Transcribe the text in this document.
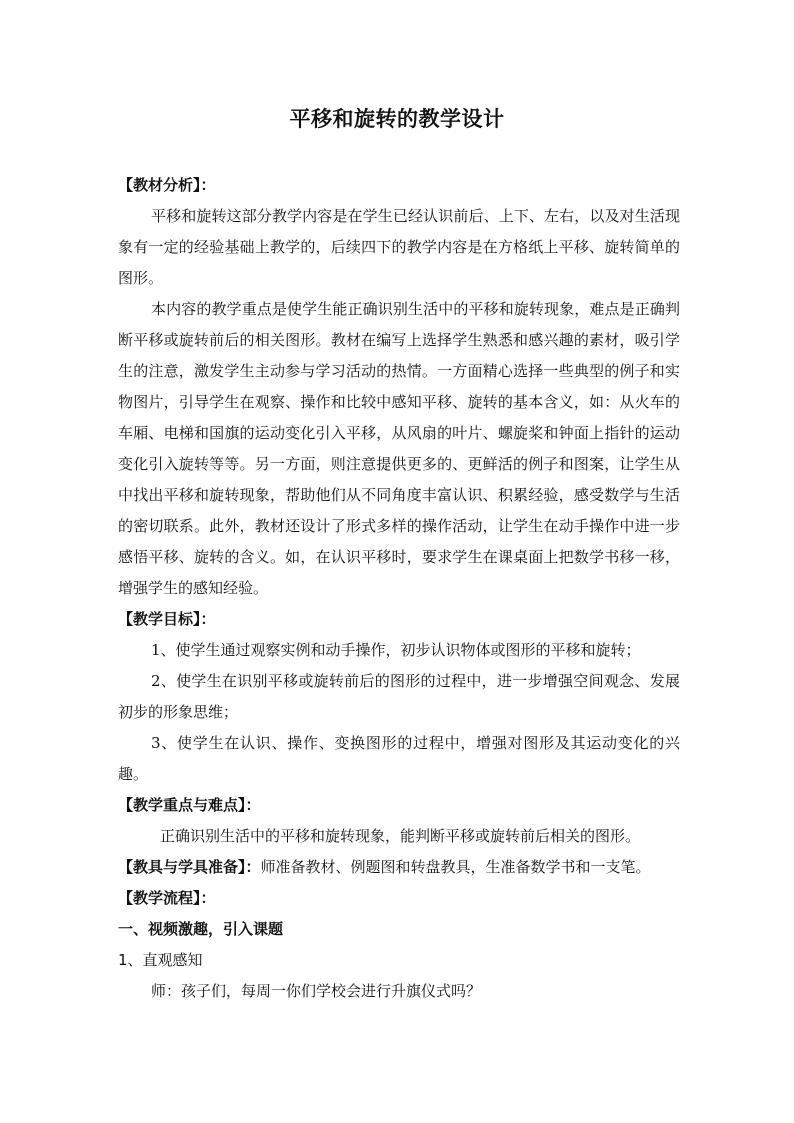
平移和旋转的教学设计

【教材分析】：

平移和旋转这部分教学内容是在学生已经认识前后、上下、左右，以及对生活现象有一定的经验基础上教学的，后续四下的教学内容是在方格纸上平移、旋转简单的图形。

本内容的教学重点是使学生能正确识别生活中的平移和旋转现象，难点是正确判断平移或旋转前后的相关图形。教材在编写上选择学生熟悉和感兴趣的素材，吸引学生的注意，激发学生主动参与学习活动的热情。一方面精心选择一些典型的例子和实物图片，引导学生在观察、操作和比较中感知平移、旋转的基本含义，如：从火车的车厢、电梯和国旗的运动变化引入平移，从风扇的叶片、螺旋桨和钟面上指针的运动变化引入旋转等等。另一方面，则注意提供更多的、更鲜活的例子和图案，让学生从中找出平移和旋转现象，帮助他们从不同角度丰富认识、积累经验，感受数学与生活的密切联系。此外，教材还设计了形式多样的操作活动，让学生在动手操作中进一步感悟平移、旋转的含义。如，在认识平移时，要求学生在课桌面上把数学书移一移，增强学生的感知经验。

【教学目标】：

1、使学生通过观察实例和动手操作，初步认识物体或图形的平移和旋转；

2、使学生在识别平移或旋转前后的图形的过程中，进一步增强空间观念、发展初步的形象思维；

3、使学生在认识、操作、变换图形的过程中，增强对图形及其运动变化的兴趣。

【教学重点与难点】：

正确识别生活中的平移和旋转现象，能判断平移或旋转前后相关的图形。

【教具与学具准备】：师准备教材、例题图和转盘教具，生准备数学书和一支笔。

【教学流程】：

一、视频激趣，引入课题

1、直观感知

师：孩子们，每周一你们学校会进行升旗仪式吗？
